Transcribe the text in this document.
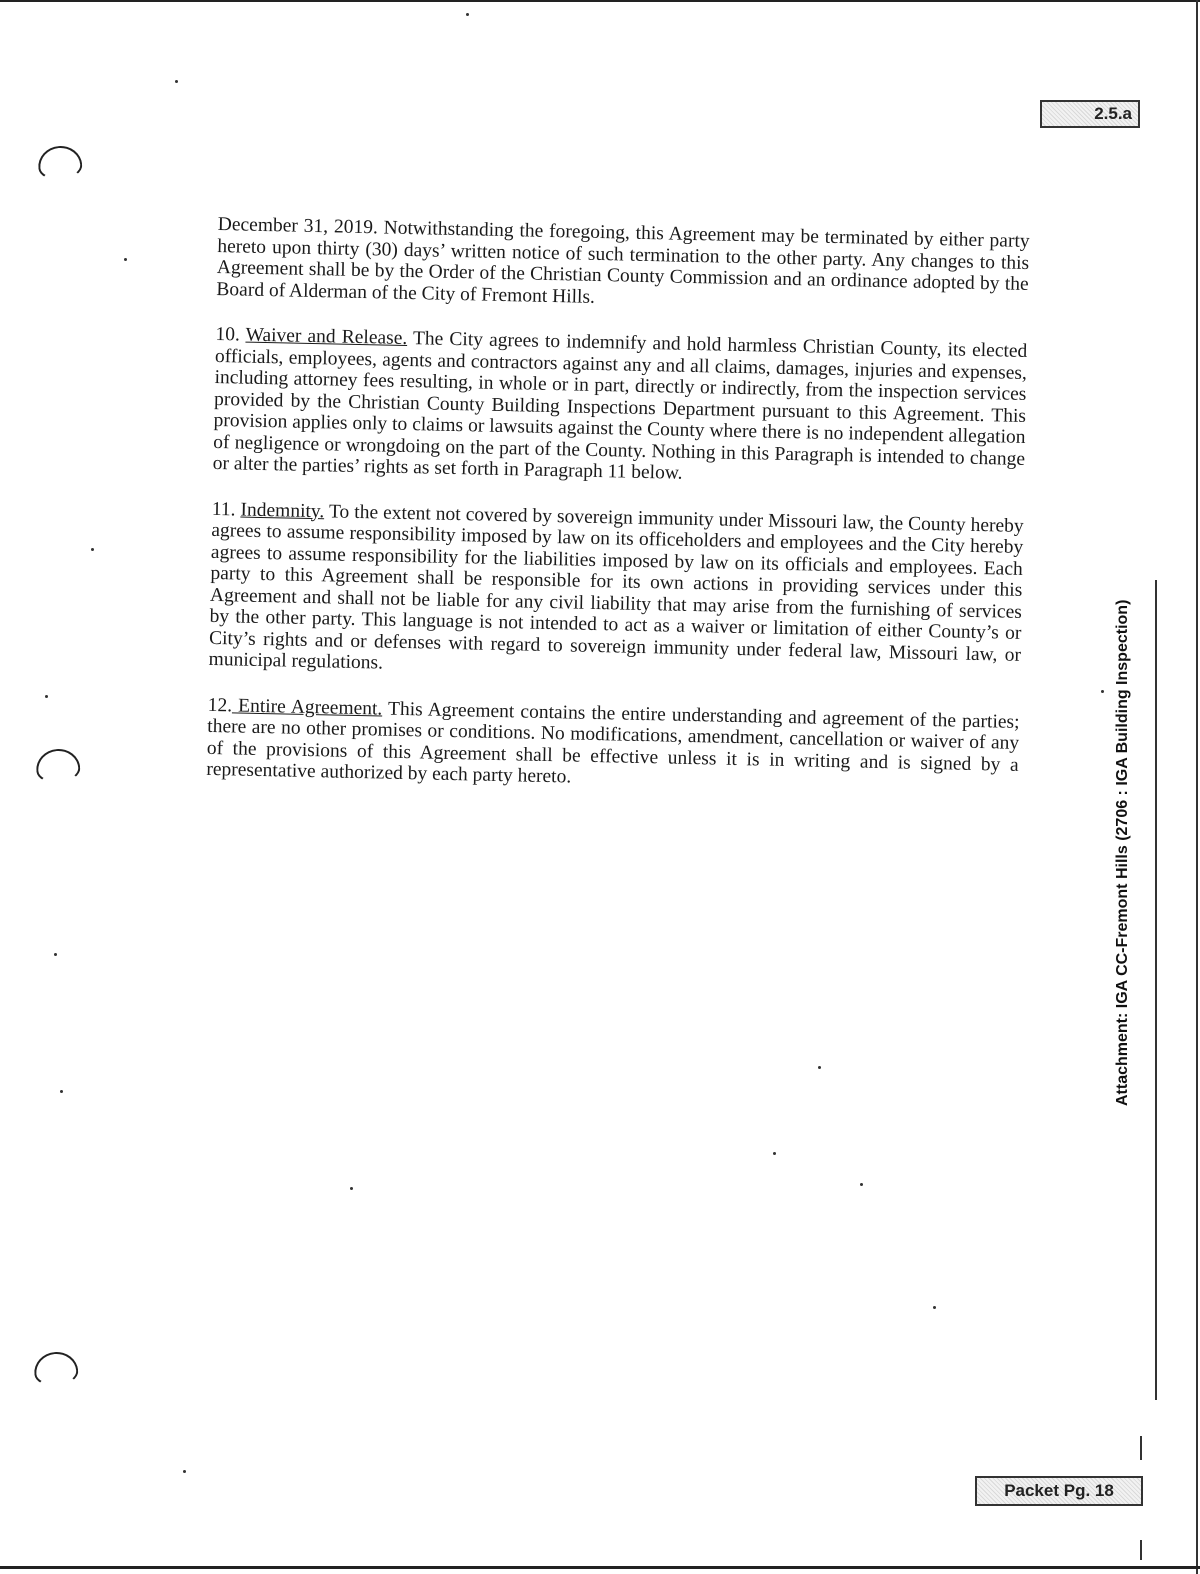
2.5.a
Attachment: IGA CC-Fremont Hills (2706 : IGA Building Inspection)

December 31, 2019. Notwithstanding the foregoing, this Agreement may be terminated by either party hereto upon thirty (30) days’ written notice of such termination to the other party. Any changes to this Agreement shall be by the Order of the Christian County Commission and an ordinance adopted by the Board of Alderman of the City of Fremont Hills.

10. Waiver and Release. The City agrees to indemnify and hold harmless Christian County, its elected officials, employees, agents and contractors against any and all claims, damages, injuries and expenses, including attorney fees resulting, in whole or in part, directly or indirectly, from the inspection services provided by the Christian County Building Inspections Department pursuant to this Agreement. This provision applies only to claims or lawsuits against the County where there is no independent allegation of negligence or wrongdoing on the part of the County. Nothing in this Paragraph is intended to change or alter the parties’ rights as set forth in Paragraph 11 below.

11. Indemnity. To the extent not covered by sovereign immunity under Missouri law, the County hereby agrees to assume responsibility imposed by law on its officeholders and employees and the City hereby agrees to assume responsibility for the liabilities imposed by law on its officials and employees. Each party to this Agreement shall be responsible for its own actions in providing services under this Agreement and shall not be liable for any civil liability that may arise from the furnishing of services by the other party. This language is not intended to act as a waiver or limitation of either County’s or City’s rights and or defenses with regard to sovereign immunity under federal law, Missouri law, or municipal regulations.

12. Entire Agreement. This Agreement contains the entire understanding and agreement of the parties; there are no other promises or conditions. No modifications, amendment, cancellation or waiver of any of the provisions of this Agreement shall be effective unless it is in writing and is signed by a representative authorized by each party hereto.

Packet Pg. 18
